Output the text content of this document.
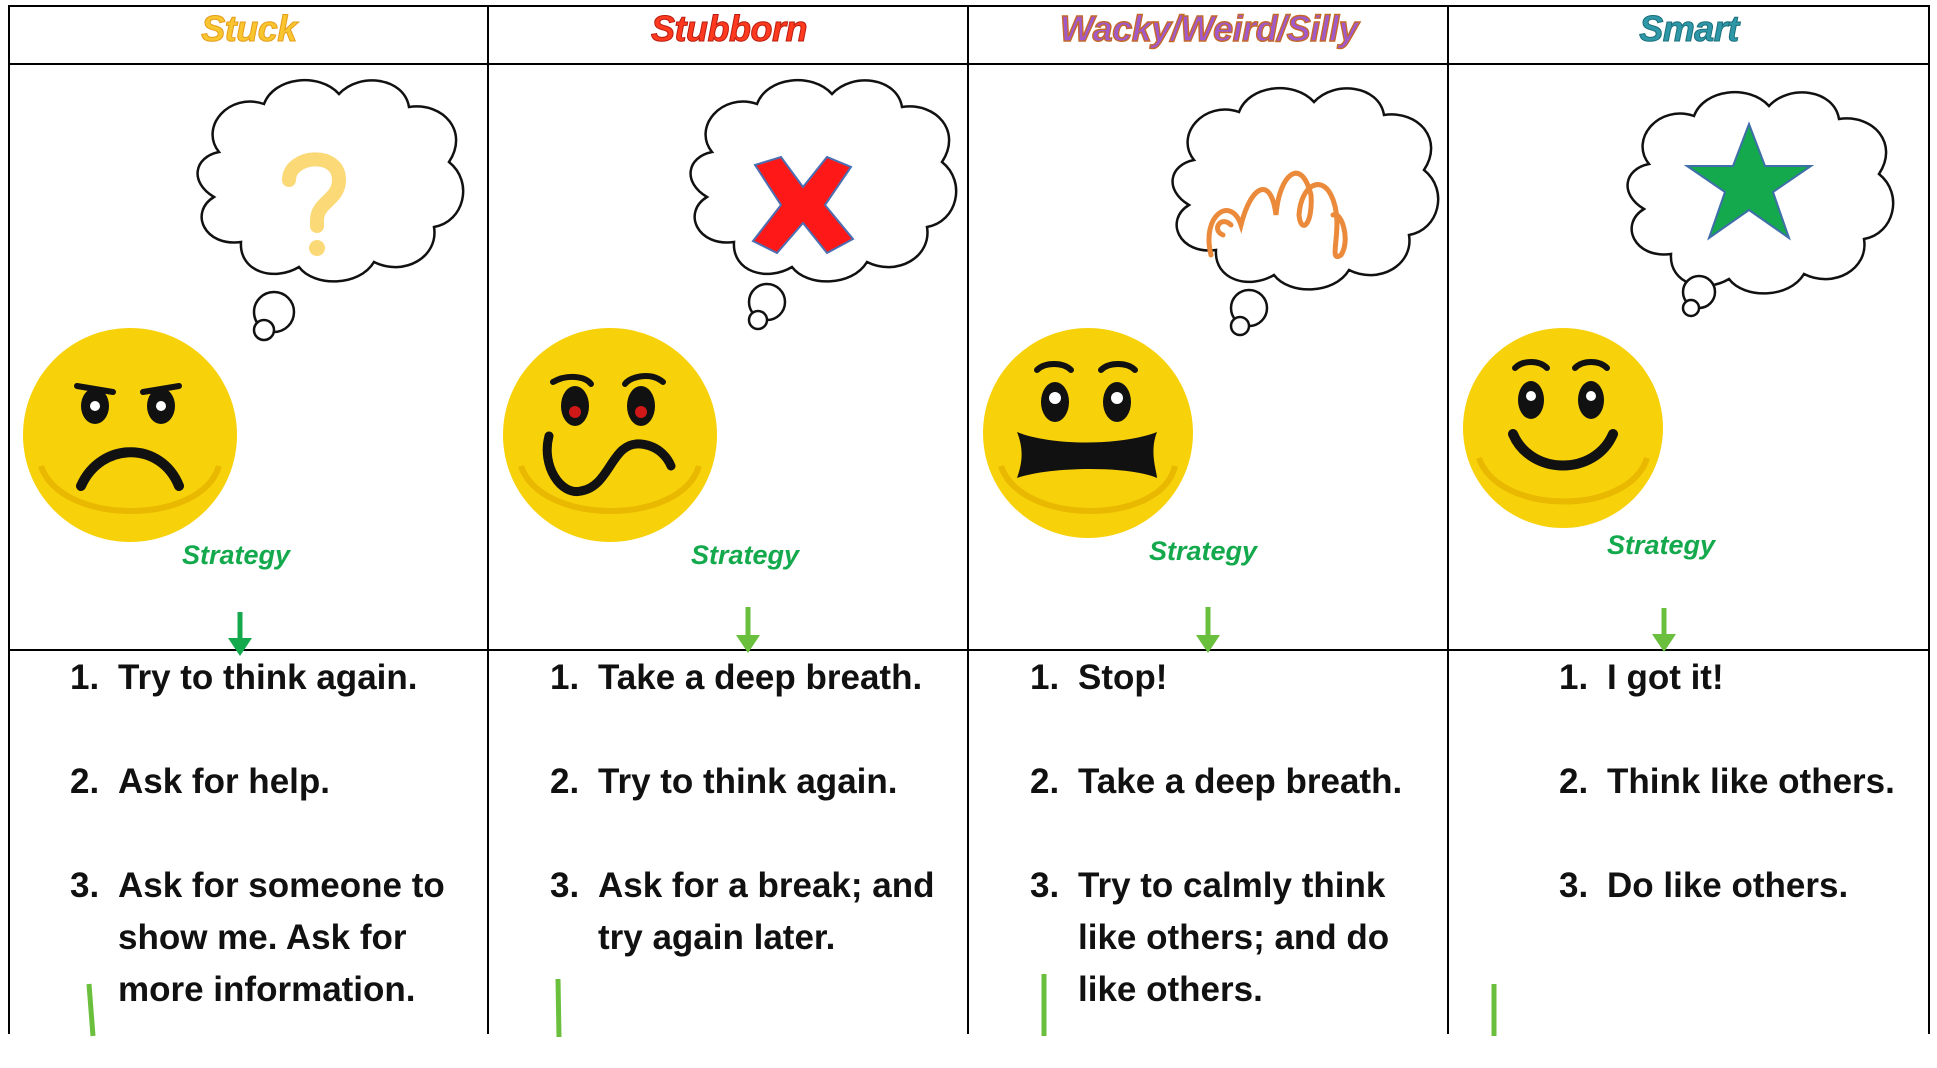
Stuck
Strategy
1. Try to think again.
2. Ask for help.
3. Ask for someone to show me. Ask for more information.
Stubborn
Strategy
1. Take a deep breath.
2. Try to think again.
3. Ask for a break; and try again later.
Wacky/Weird/Silly
Strategy
1. Stop!
2. Take a deep breath.
3. Try to calmly think like others; and do like others.
Smart
Strategy
1. I got it!
2. Think like others.
3. Do like others.
